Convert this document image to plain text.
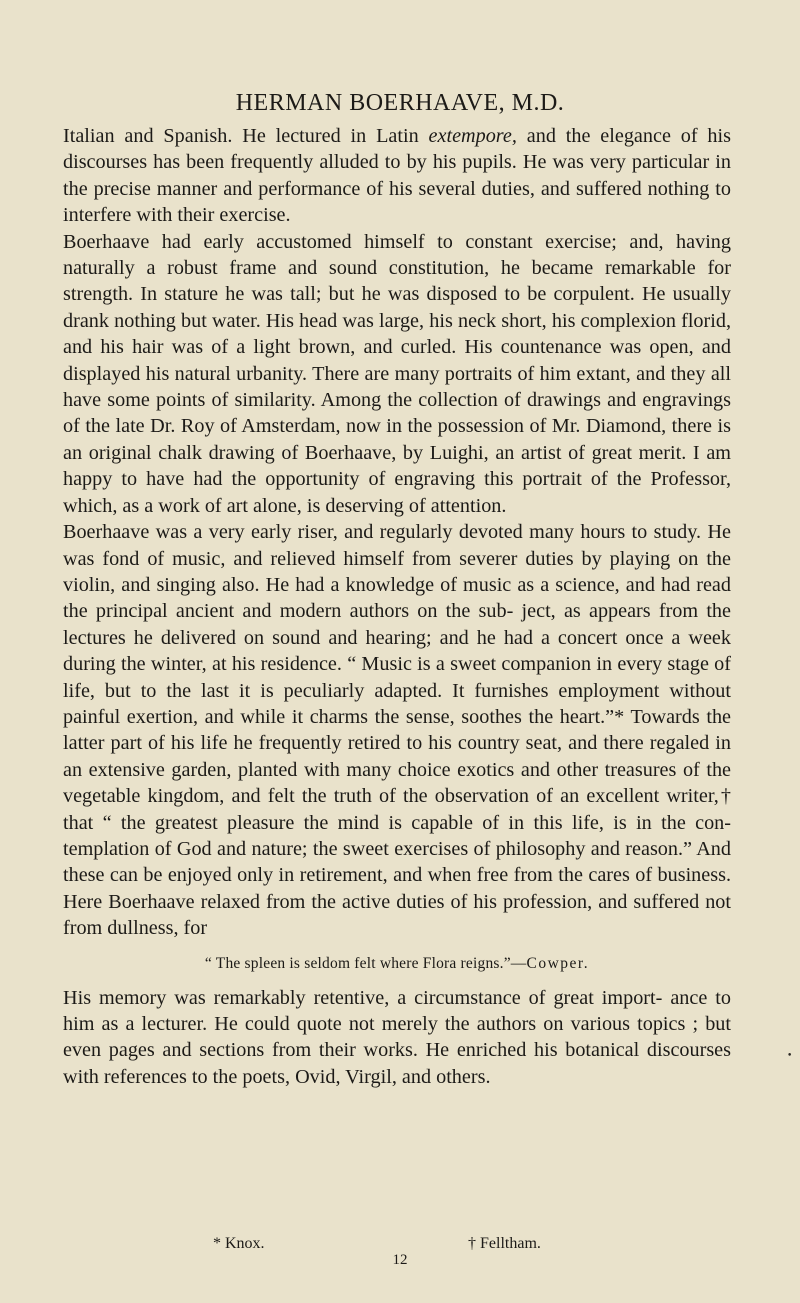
HERMAN BOERHAAVE, M.D.

Italian and Spanish. He lectured in Latin extempore, and the elegance of his discourses has been frequently alluded to by his pupils. He was very particular in the precise manner and performance of his several duties, and suffered nothing to interfere with their exercise.

Boerhaave had early accustomed himself to constant exercise; and, having naturally a robust frame and sound constitution, he became remarkable for strength. In stature he was tall; but he was disposed to be corpulent. He usually drank nothing but water. His head was large, his neck short, his complexion florid, and his hair was of a light brown, and curled. His countenance was open, and displayed his natural urbanity. There are many portraits of him extant, and they all have some points of similarity. Among the collection of drawings and engravings of the late Dr. Roy of Amsterdam, now in the possession of Mr. Diamond, there is an original chalk drawing of Boerhaave, by Luighi, an artist of great merit. I am happy to have had the opportunity of engraving this portrait of the Professor, which, as a work of art alone, is deserving of attention.

Boerhaave was a very early riser, and regularly devoted many hours to study. He was fond of music, and relieved himself from severer duties by playing on the violin, and singing also. He had a knowledge of music as a science, and had read the principal ancient and modern authors on the sub- ject, as appears from the lectures he delivered on sound and hearing; and he had a concert once a week during the winter, at his residence. “ Music is a sweet companion in every stage of life, but to the last it is peculiarly adapted. It furnishes employment without painful exertion, and while it charms the sense, soothes the heart.”* Towards the latter part of his life he frequently retired to his country seat, and there regaled in an extensive garden, planted with many choice exotics and other treasures of the vegetable kingdom, and felt the truth of the observation of an excellent writer,† that “ the greatest pleasure the mind is capable of in this life, is in the con- templation of God and nature; the sweet exercises of philosophy and reason.” And these can be enjoyed only in retirement, and when free from the cares of business. Here Boerhaave relaxed from the active duties of his profession, and suffered not from dullness, for

“ The spleen is seldom felt where Flora reigns.”—Cowper.

His memory was remarkably retentive, a circumstance of great import- ance to him as a lecturer. He could quote not merely the authors on various topics ; but even pages and sections from their works. He enriched his botanical discourses with references to the poets, Ovid, Virgil, and others.

* Knox.	† Felltham.
12
•
